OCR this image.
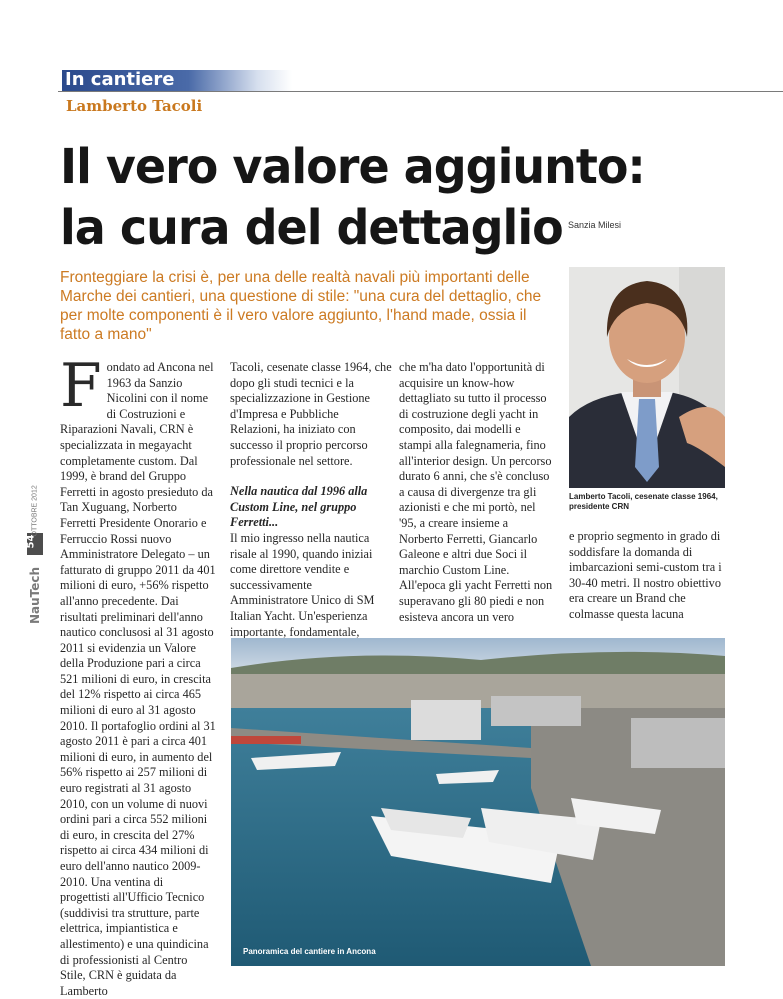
In cantiere
Lamberto Tacoli
Il vero valore aggiunto:
la cura del dettaglio Sanzia Milesi
Fronteggiare la crisi è, per una delle realtà navali più importanti delle Marche dei cantieri, una questione di stile: "una cura del dettaglio, che per molte componenti è il vero valore aggiunto, l'hand made, ossia il fatto a mano"
Lamberto Tacoli, cesenate classe 1964, presidente CRN
NauTech
54
OTTOBRE 2012
F ondato ad Ancona nel 1963 da Sanzio Nicolini con il nome di Costruzioni e Riparazioni Navali, CRN è specializzata in megayacht completamente custom. Dal 1999, è brand del Gruppo Ferretti in agosto presieduto da Tan Xuguang, Norberto Ferretti Presidente Onorario e Ferruccio Rossi nuovo Amministratore Delegato – un fatturato di gruppo 2011 da 401 milioni di euro, +56% rispetto all'anno precedente. Dai risultati preliminari dell'anno nautico conclusosi al 31 agosto 2011 si evidenzia un Valore della Produzione pari a circa 521 milioni di euro, in crescita del 12% rispetto ai circa 465 milioni di euro al 31 agosto 2010. Il portafoglio ordini al 31 agosto 2011 è pari a circa 401 milioni di euro, in aumento del 56% rispetto ai 257 milioni di euro registrati al 31 agosto 2010, con un volume di nuovi ordini pari a circa 552 milioni di euro, in crescita del 27% rispetto ai circa 434 milioni di euro dell'anno nautico 2009-2010. Una ventina di progettisti all'Ufficio Tecnico (suddivisi tra strutture, parte elettrica, impiantistica e allestimento) e una quindicina di professionisti al Centro Stile, CRN è guidata da Lamberto
Tacoli, cesenate classe 1964, che dopo gli studi tecnici e la specializzazione in Gestione d'Impresa e Pubbliche Relazioni, ha iniziato con successo il proprio percorso professionale nel settore.
Nella nautica dal 1996 alla Custom Line, nel gruppo Ferretti...
Il mio ingresso nella nautica risale al 1990, quando iniziai come direttore vendite e successivamente Amministratore Unico di SM Italian Yacht. Un'esperienza importante, fondamentale,
che m'ha dato l'opportunità di acquisire un know-how dettagliato su tutto il processo di costruzione degli yacht in composito, dai modelli e stampi alla falegnameria, fino all'interior design. Un percorso durato 6 anni, che s'è concluso a causa di divergenze tra gli azionisti e che mi portò, nel '95, a creare insieme a Norberto Ferretti, Giancarlo Galeone e altri due Soci il marchio Custom Line. All'epoca gli yacht Ferretti non superavano gli 80 piedi e non esisteva ancora un vero
e proprio segmento in grado di soddisfare la domanda di imbarcazioni semi-custom tra i 30-40 metri. Il nostro obiettivo era creare un Brand che colmasse questa lacuna
Panoramica del cantiere in Ancona
